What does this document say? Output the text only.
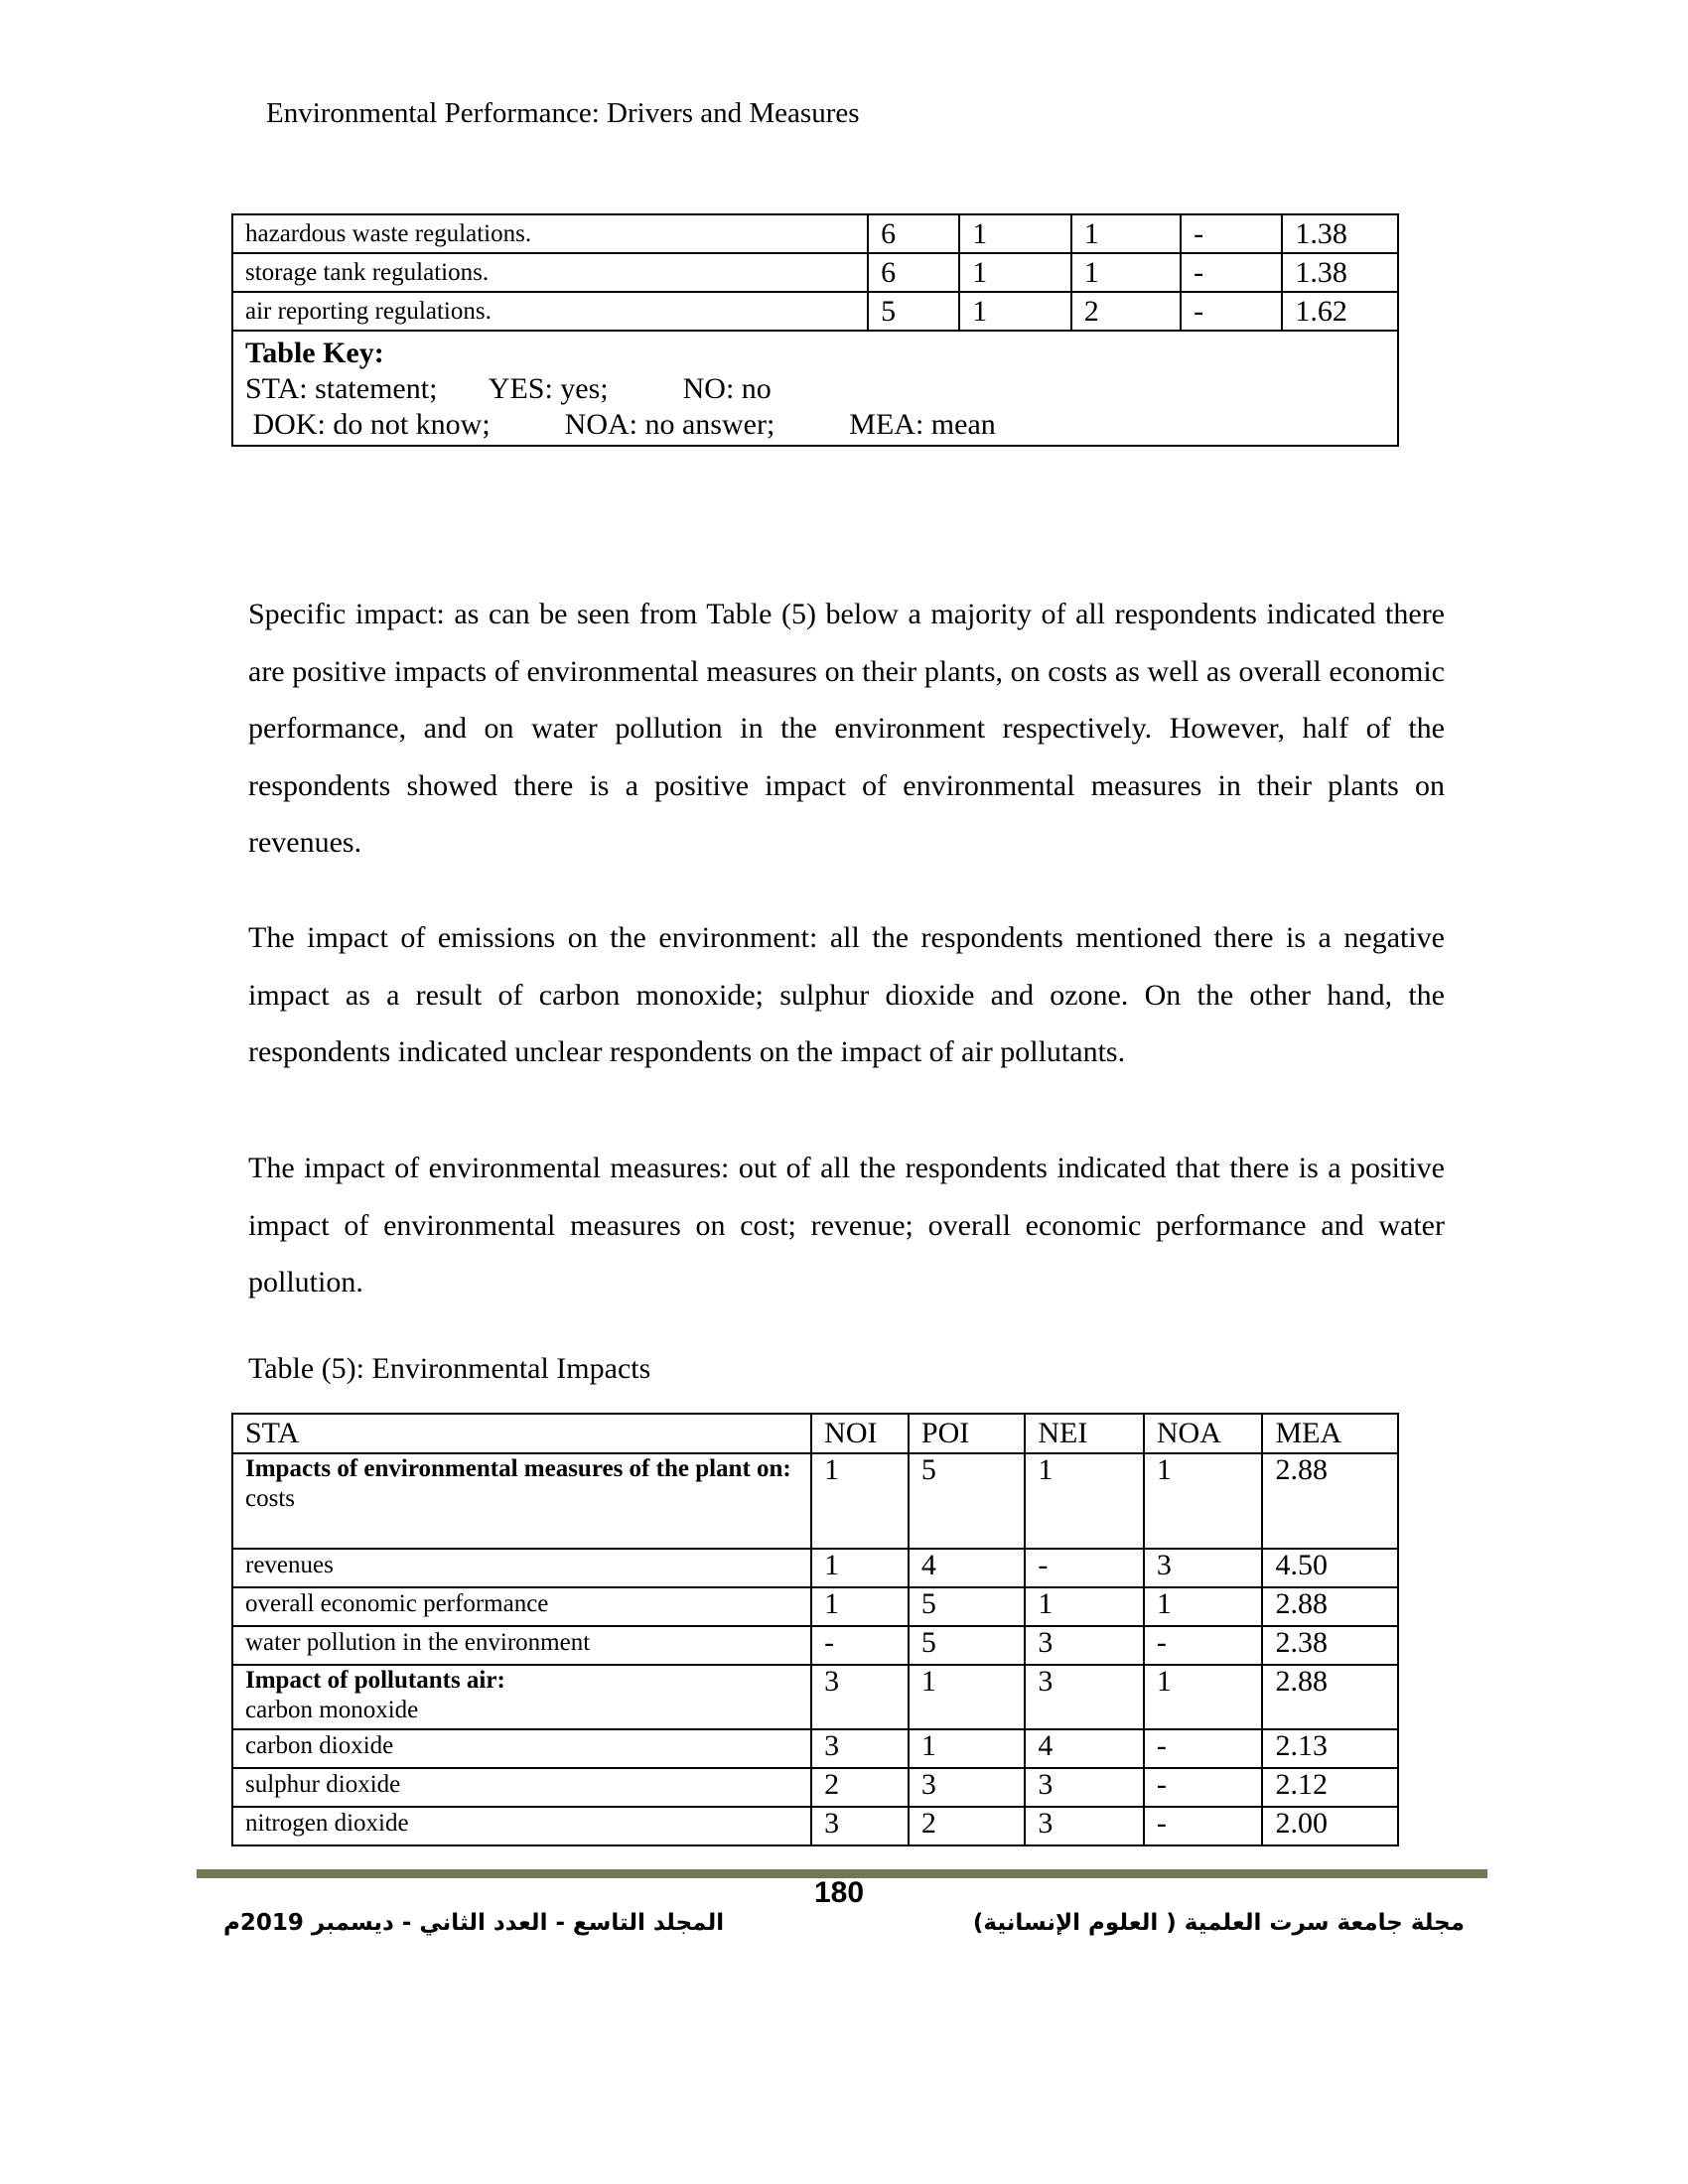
Environmental Performance: Drivers and Measures
hazardous waste regulations.	6	1	1	-	1.38
storage tank regulations.	6	1	1	-	1.38
air reporting regulations.	5	1	2	-	1.62

Table Key:
STA: statement;       YES: yes;          NO: no
DOK: do not know;          NOA: no answer;          MEA: mean					

Specific impact: as can be seen from Table (5) below a majority of all respondents indicated there are positive impacts of environmental measures on their plants, on costs as well as overall economic performance, and on water pollution in the environment respectively. However, half of the respondents showed there is a positive impact of environmental measures in their plants on revenues.

The impact of emissions on the environment: all the respondents mentioned there is a negative impact as a result of carbon monoxide; sulphur dioxide and ozone. On the other hand, the respondents indicated unclear respondents on the impact of air pollutants.

The impact of environmental measures: out of all the respondents indicated that there is a positive impact of environmental measures on cost; revenue; overall economic performance and water pollution.

Table (5): Environmental Impacts
STA	NOI	POI	NEI	NOA	MEA

Impacts of environmental measures of the plant on:
costs	1	5	1	1	2.88
revenues	1	4	-	3	4.50
overall economic performance	1	5	1	1	2.88
water pollution in the environment	-	5	3	-	2.38

Impact of pollutants air:
carbon monoxide	3	1	3	1	2.88
carbon dioxide	3	1	4	-	2.13
sulphur dioxide	2	3	3	-	2.12
nitrogen dioxide	3	2	3	-	2.00
180
المجلد التاسع - العدد الثاني - ديسمبر 2019م	مجلة جامعة سرت العلمية ( العلوم الإنسانية)
